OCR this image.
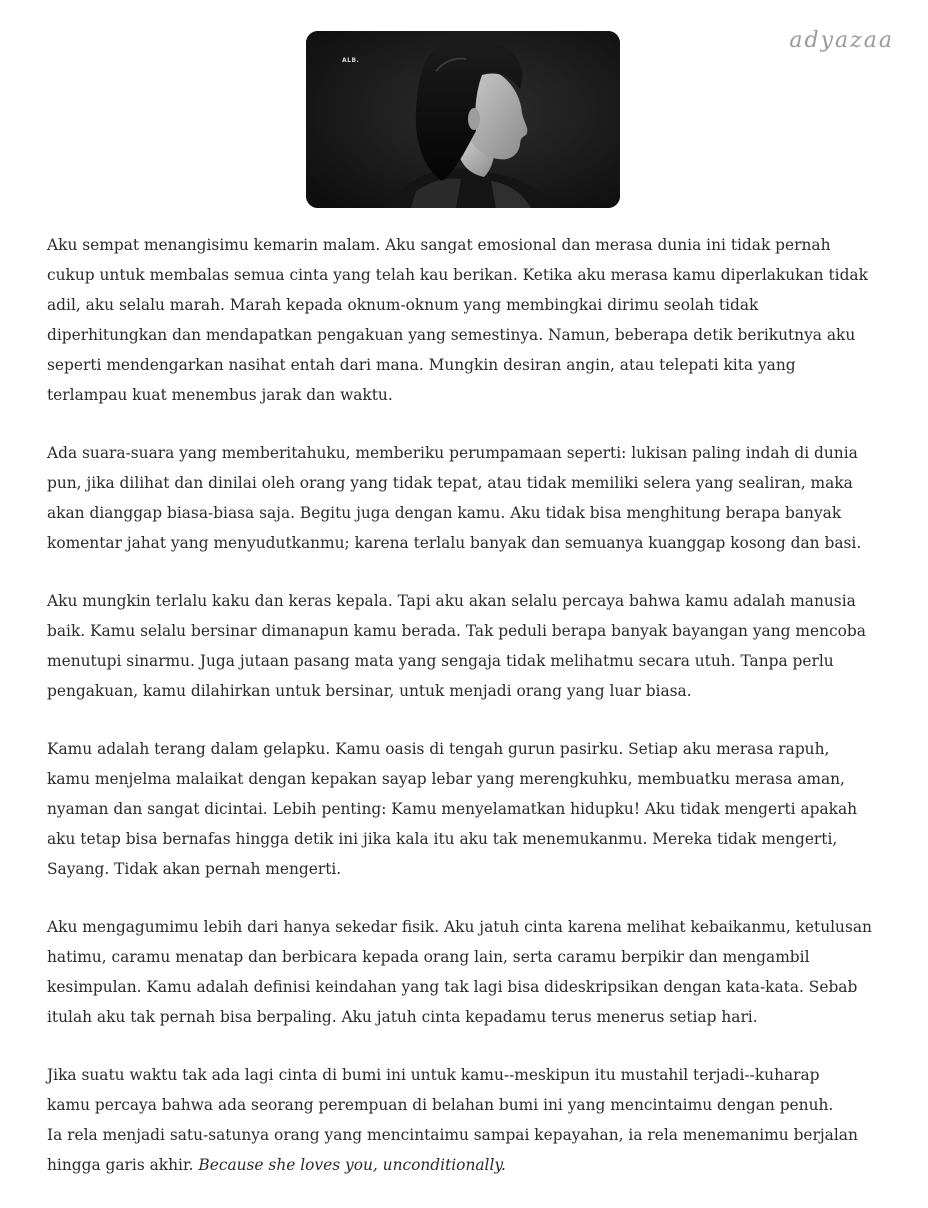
adyazaa
ALB.

Aku sempat menangisimu kemarin malam. Aku sangat emosional dan merasa dunia ini tidak pernah
cukup untuk membalas semua cinta yang telah kau berikan. Ketika aku merasa kamu diperlakukan tidak
adil, aku selalu marah. Marah kepada oknum-oknum yang membingkai dirimu seolah tidak
diperhitungkan dan mendapatkan pengakuan yang semestinya. Namun, beberapa detik berikutnya aku
seperti mendengarkan nasihat entah dari mana. Mungkin desiran angin, atau telepati kita yang
terlampau kuat menembus jarak dan waktu.

Ada suara-suara yang memberitahuku, memberiku perumpamaan seperti: lukisan paling indah di dunia
pun, jika dilihat dan dinilai oleh orang yang tidak tepat, atau tidak memiliki selera yang sealiran, maka
akan dianggap biasa-biasa saja. Begitu juga dengan kamu. Aku tidak bisa menghitung berapa banyak
komentar jahat yang menyudutkanmu; karena terlalu banyak dan semuanya kuanggap kosong dan basi.

Aku mungkin terlalu kaku dan keras kepala. Tapi aku akan selalu percaya bahwa kamu adalah manusia
baik. Kamu selalu bersinar dimanapun kamu berada. Tak peduli berapa banyak bayangan yang mencoba
menutupi sinarmu. Juga jutaan pasang mata yang sengaja tidak melihatmu secara utuh. Tanpa perlu
pengakuan, kamu dilahirkan untuk bersinar, untuk menjadi orang yang luar biasa.

Kamu adalah terang dalam gelapku. Kamu oasis di tengah gurun pasirku. Setiap aku merasa rapuh,
kamu menjelma malaikat dengan kepakan sayap lebar yang merengkuhku, membuatku merasa aman,
nyaman dan sangat dicintai. Lebih penting: Kamu menyelamatkan hidupku! Aku tidak mengerti apakah
aku tetap bisa bernafas hingga detik ini jika kala itu aku tak menemukanmu. Mereka tidak mengerti,
Sayang. Tidak akan pernah mengerti.

Aku mengagumimu lebih dari hanya sekedar fisik. Aku jatuh cinta karena melihat kebaikanmu, ketulusan
hatimu, caramu menatap dan berbicara kepada orang lain, serta caramu berpikir dan mengambil
kesimpulan. Kamu adalah definisi keindahan yang tak lagi bisa dideskripsikan dengan kata-kata. Sebab
itulah aku tak pernah bisa berpaling. Aku jatuh cinta kepadamu terus menerus setiap hari.

Jika suatu waktu tak ada lagi cinta di bumi ini untuk kamu--meskipun itu mustahil terjadi--kuharap
kamu percaya bahwa ada seorang perempuan di belahan bumi ini yang mencintaimu dengan penuh.
Ia rela menjadi satu-satunya orang yang mencintaimu sampai kepayahan, ia rela menemanimu berjalan
hingga garis akhir. Because she loves you, unconditionally.
